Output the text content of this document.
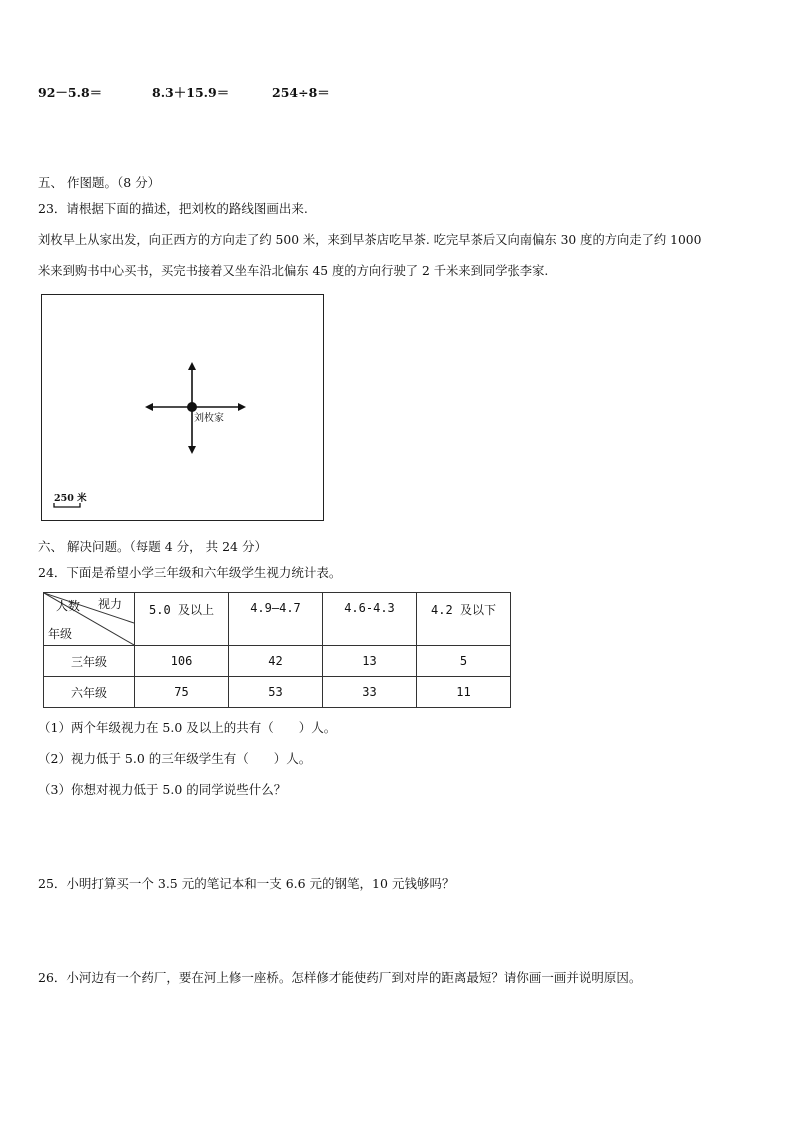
92－5.8＝	8.3＋15.9＝	254÷8＝
五、 作图题。（8 分）
23．请根据下面的描述，把刘枚的路线图画出来.
刘枚早上从家出发，向正西方的方向走了约 500 米，来到早茶店吃早茶. 吃完早茶后又向南偏东 30 度的方向走了约 1000
米来到购书中心买书，买完书接着又坐车沿北偏东 45 度的方向行驶了 2 千米来到同学张李家.
刘枚家
250 米
六、 解决问题。（每题 4 分， 共 24 分）
24．下面是希望小学三年级和六年级学生视力统计表。
人数 视力
年级	5.0 及以上	4.9—4.7	4.6-4.3	4.2 及以下

三年级	106	42	13	5
六年级	75	53	33	11
（1）两个年级视力在 5.0 及以上的共有（　　）人。
（2）视力低于 5.0 的三年级学生有（　　）人。
（3）你想对视力低于 5.0 的同学说些什么？
25．小明打算买一个 3.5 元的笔记本和一支 6.6 元的钢笔，10 元钱够吗？
26．小河边有一个药厂，要在河上修一座桥。怎样修才能使药厂到对岸的距离最短？请你画一画并说明原因。
